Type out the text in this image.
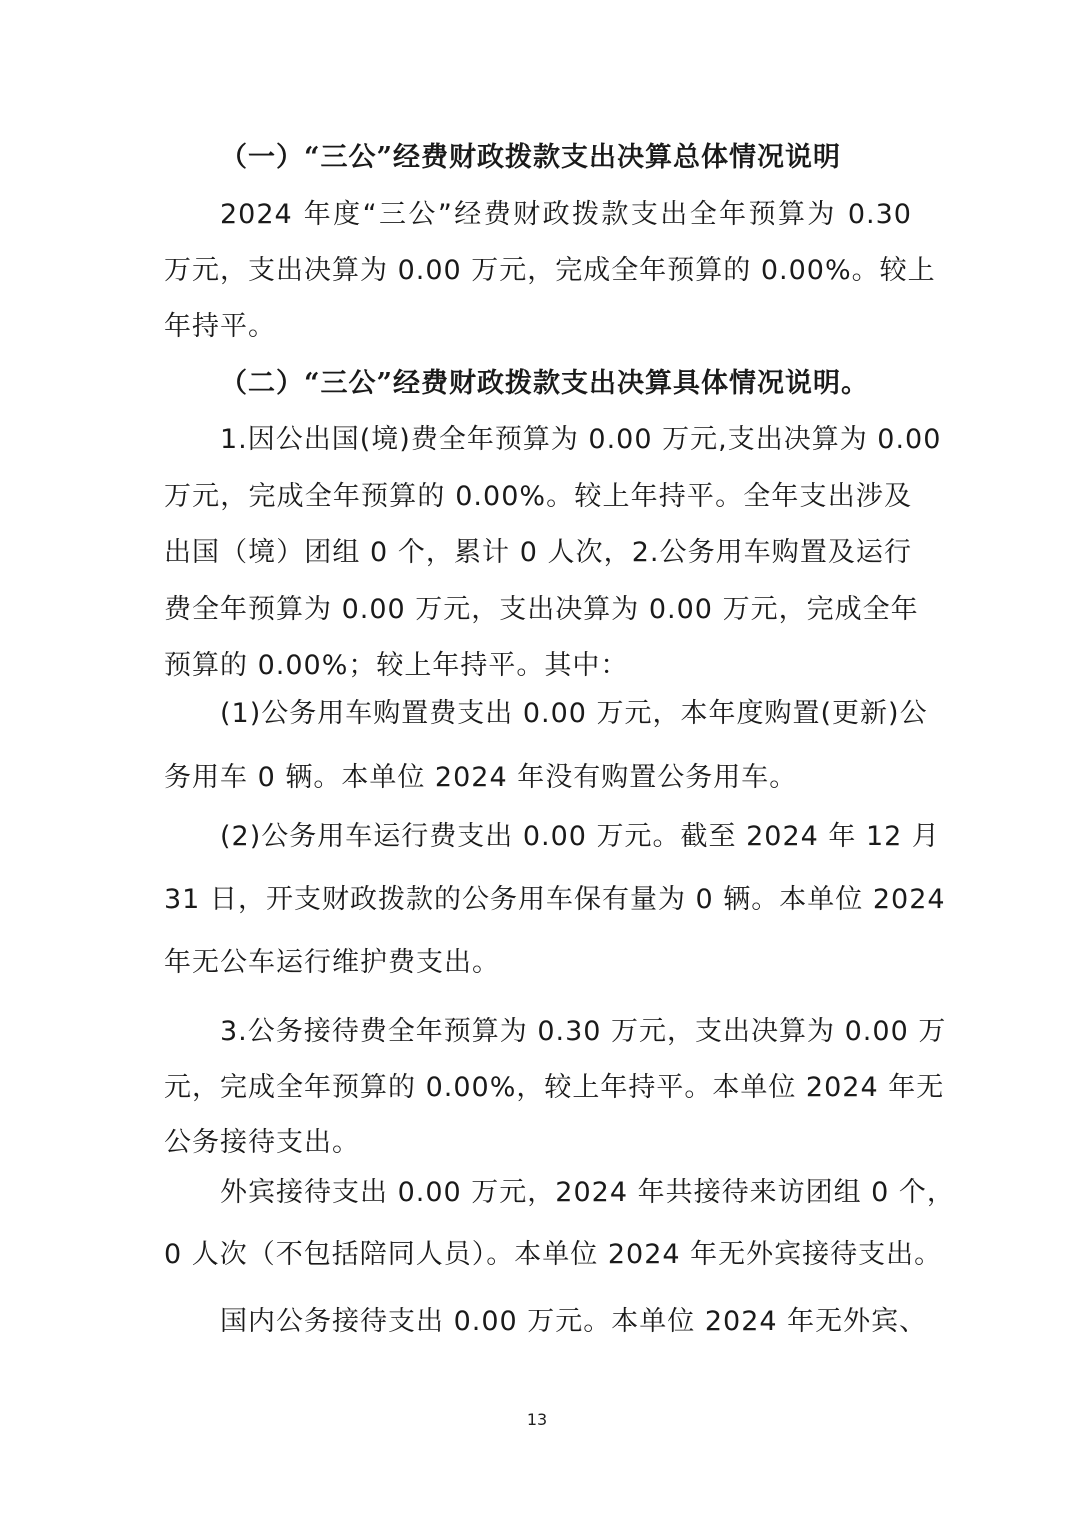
（一）“三公”经费财政拨款支出决算总体情况说明
2024 年度“三公”经费财政拨款支出全年预算为 0.30
万元，支出决算为 0.00 万元，完成全年预算的 0.00%。较上
年持平。
（二）“三公”经费财政拨款支出决算具体情况说明。
1.因公出国(境)费全年预算为 0.00 万元,支出决算为 0.00
万元，完成全年预算的 0.00%。较上年持平。全年支出涉及
出国（境）团组 0 个，累计 0 人次，2.公务用车购置及运行
费全年预算为 0.00 万元，支出决算为 0.00 万元，完成全年
预算的 0.00%；较上年持平。其中：
(1)公务用车购置费支出 0.00 万元，本年度购置(更新)公
务用车 0 辆。本单位 2024 年没有购置公务用车。
(2)公务用车运行费支出 0.00 万元。截至 2024 年 12 月
31 日，开支财政拨款的公务用车保有量为 0 辆。本单位 2024
年无公车运行维护费支出。
3.公务接待费全年预算为 0.30 万元，支出决算为 0.00 万
元，完成全年预算的 0.00%，较上年持平。本单位 2024 年无
公务接待支出。
外宾接待支出 0.00 万元，2024 年共接待来访团组 0 个，
0 人次（不包括陪同人员）。本单位 2024 年无外宾接待支出。
国内公务接待支出 0.00 万元。本单位 2024 年无外宾、
13
